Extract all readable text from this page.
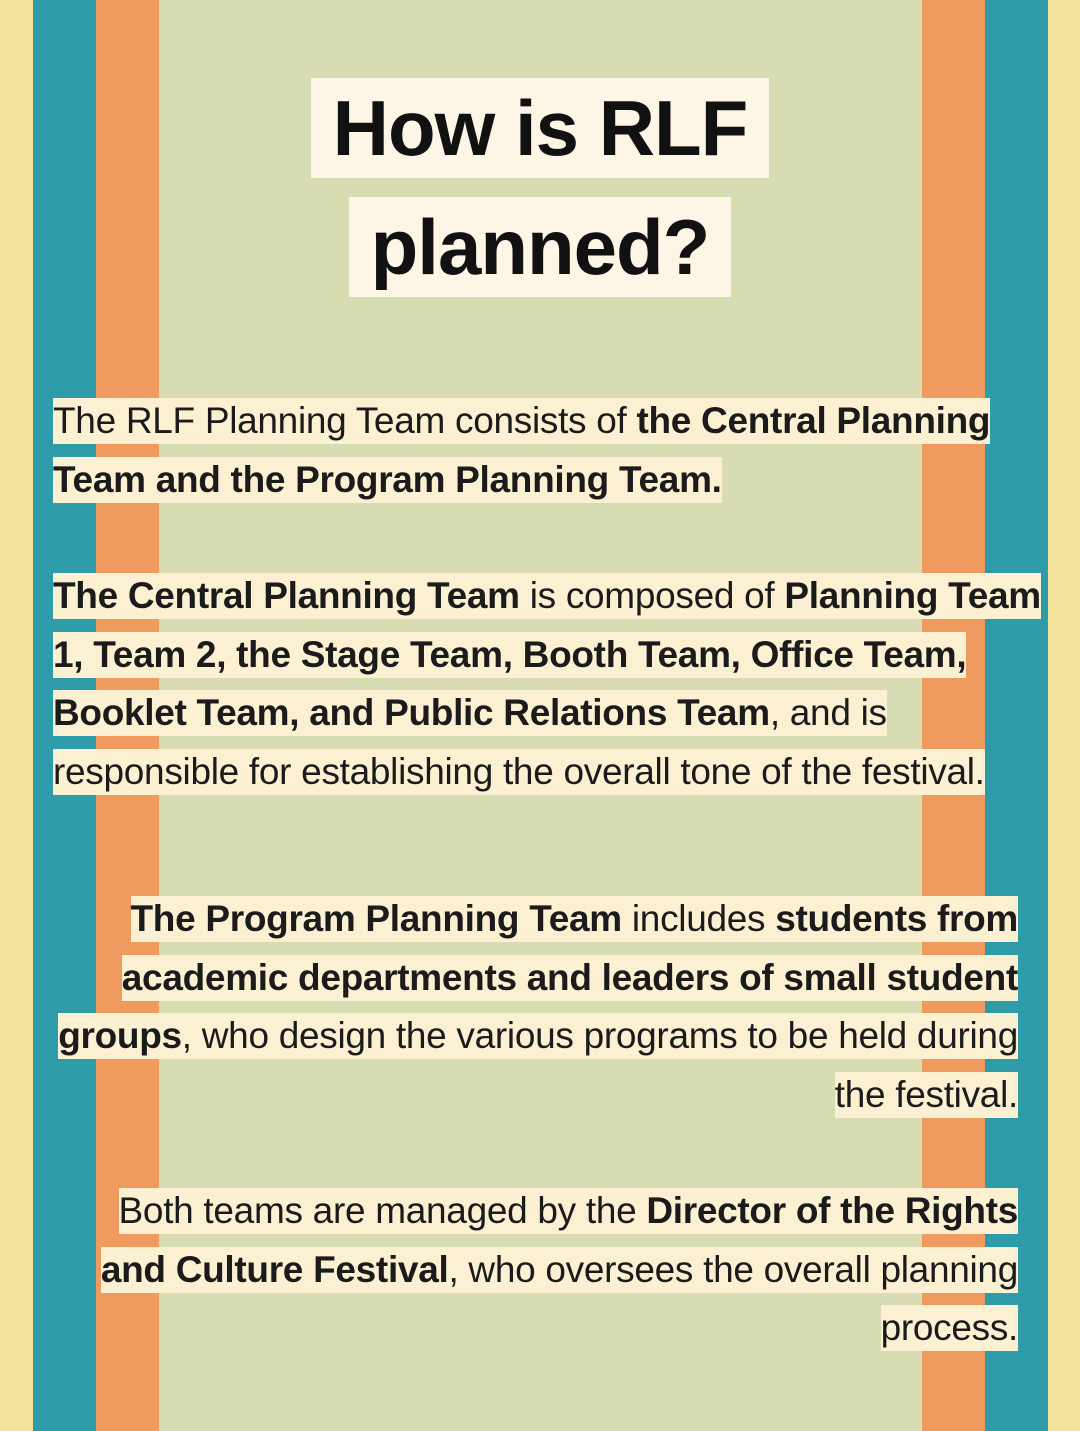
How is RLF
planned?
The RLF Planning Team consists of the Central Planning Team and the Program Planning Team.
The Central Planning Team is composed of Planning Team 1, Team 2, the Stage Team, Booth Team, Office Team, Booklet Team, and Public Relations Team, and is responsible for establishing the overall tone of the festival.
The Program Planning Team includes students from academic departments and leaders of small student groups, who design the various programs to be held during the festival.
Both teams are managed by the Director of the Rights and Culture Festival, who oversees the overall planning process.
